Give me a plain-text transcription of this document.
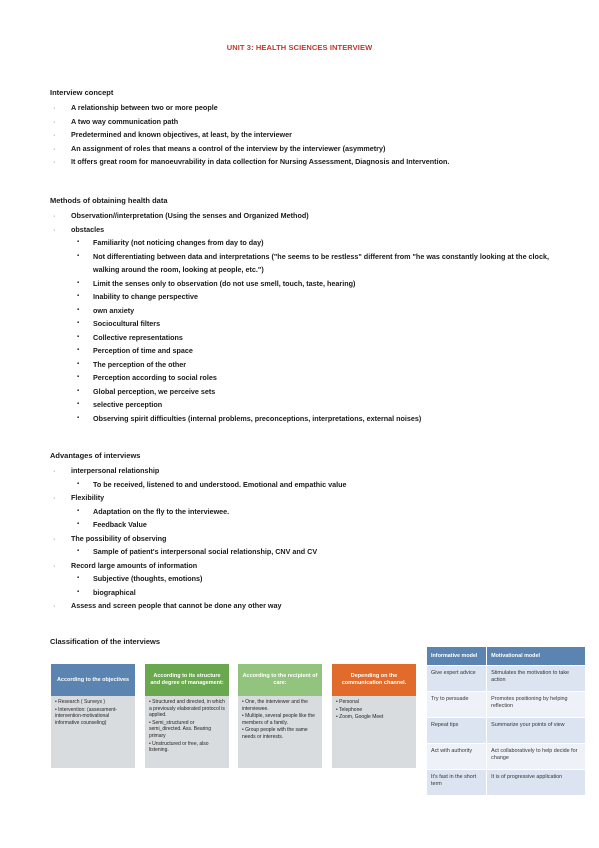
UNIT 3: HEALTH SCIENCES INTERVIEW
Interview concept
· A relationship between two or more people
· A two way communication path
· Predetermined and known objectives, at least, by the interviewer
· An assignment of roles that means a control of the interview by the interviewer (asymmetry)
· It offers great room for manoeuvrability in data collection for Nursing Assessment, Diagnosis and Intervention.
Methods of obtaining health data
· Observation//interpretation (Using the senses and Organized Method)
· obstacles
▪ Familiarity (not noticing changes from day to day)
▪ Not differentiating between data and interpretations ("he seems to be restless" different from "he was constantly looking at the clock, walking around the room, looking at people, etc.")
▪ Limit the senses only to observation (do not use smell, touch, taste, hearing)
▪ Inability to change perspective
▪ own anxiety
▪ Sociocultural filters
▪ Collective representations
▪ Perception of time and space
▪ The perception of the other
▪ Perception according to social roles
▪ Global perception, we perceive sets
▪ selective perception
▪ Observing spirit difficulties (internal problems, preconceptions, interpretations, external noises)
Advantages of interviews
· interpersonal relationship
▪ To be received, listened to and understood. Emotional and empathic value
· Flexibility
▪ Adaptation on the fly to the interviewee.
▪ Feedback Value
· The possibility of observing
▪ Sample of patient's interpersonal social relationship, CNV and CV
· Record large amounts of information
▪ Subjective (thoughts, emotions)
▪ biographical
· Assess and screen people that cannot be done any other way
Classification of the interviews
According to the objectives
• Research ( Surveys )
• Intervention: (assessment-intervention-motivational informative counseling)
According to its structure and degree of management:
• Structured and directed, in which a previously elaborated protocol is applied.
• Semi_structured or semi_directed. Ass. Bearing primary
• Unstructured or free, also listening.
According to the recipient of care:
• One, the interviewer and the interviewee.
• Multiple, several people like the members of a family.
• Group people with the same needs or interests.
Depending on the communication channel.
• Personal
• Telephone
• Zoom, Google Meet
Informative model	Motivational model
Give expert advice	Stimulates the motivation to take action
Try to persuade	Promotes positioning by helping reflection
Repeat tips	Summarize your points of view
Act with authority	Act collaboratively to help decide for change
It's fast in the short term	It is of progressive application
